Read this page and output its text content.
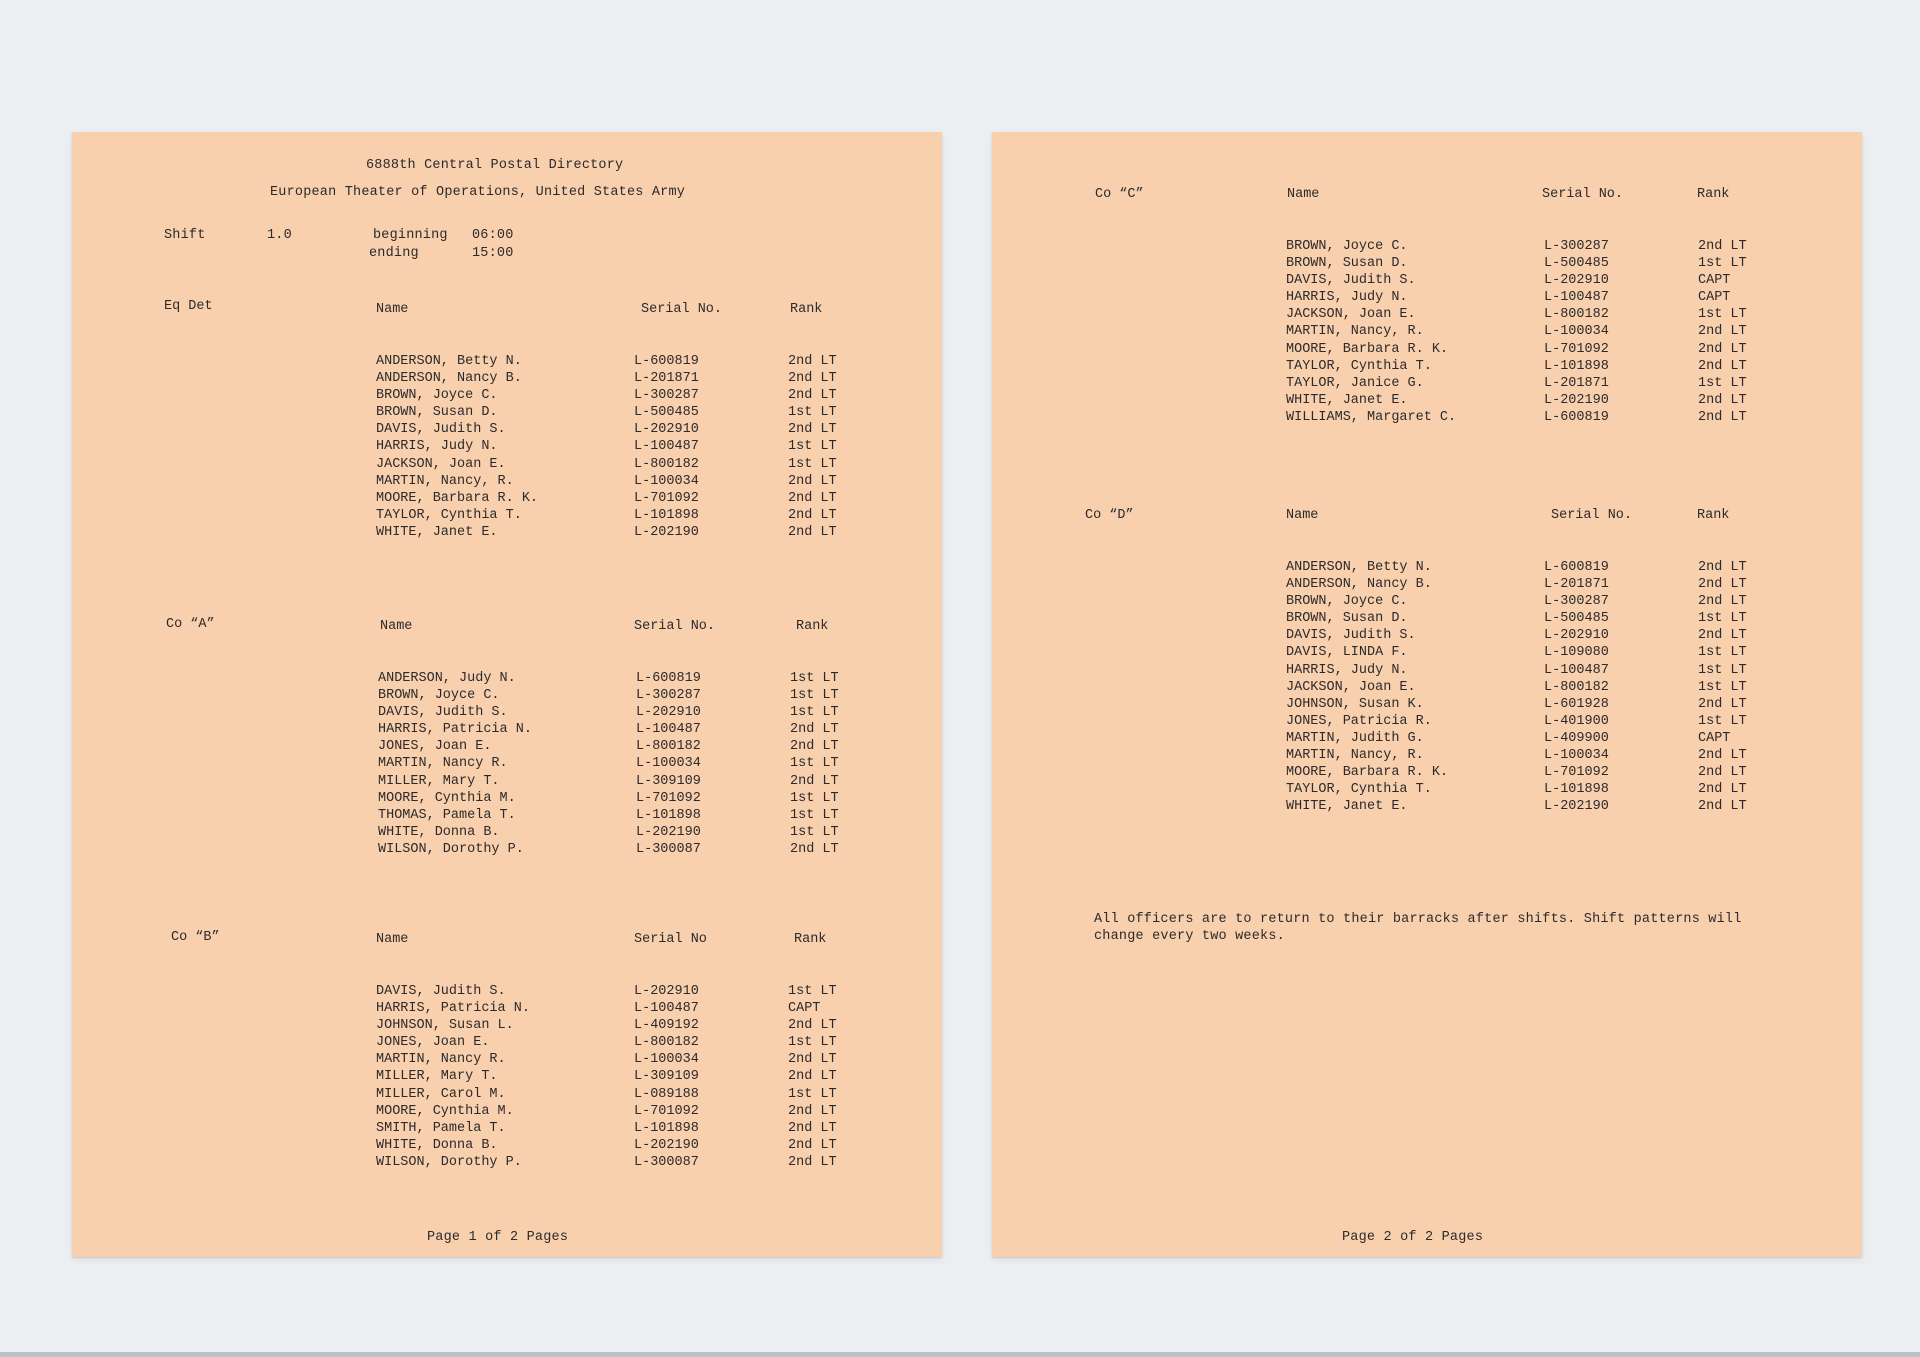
6888th Central Postal Directory
European Theater of Operations, United States Army
Shift	1.0	beginning 06:00
ending	15:00
Eq Det	Name	Serial No.	Rank
ANDERSON, Betty N.	L-600819	2nd LT
ANDERSON, Nancy B.	L-201871	2nd LT
BROWN, Joyce C.	L-300287	2nd LT
BROWN, Susan D.	L-500485	1st LT
DAVIS, Judith S.	L-202910	2nd LT
HARRIS, Judy N.	L-100487	1st LT
JACKSON, Joan E.	L-800182	1st LT
MARTIN, Nancy, R.	L-100034	2nd LT
MOORE, Barbara R. K.	L-701092	2nd LT
TAYLOR, Cynthia T.	L-101898	2nd LT
WHITE, Janet E.	L-202190	2nd LT
Co “A”	Name	Serial No.	Rank
ANDERSON, Judy N.	L-600819	1st LT
BROWN, Joyce C.	L-300287	1st LT
DAVIS, Judith S.	L-202910	1st LT
HARRIS, Patricia N.	L-100487	2nd LT
JONES, Joan E.	L-800182	2nd LT
MARTIN, Nancy R.	L-100034	1st LT
MILLER, Mary T.	L-309109	2nd LT
MOORE, Cynthia M.	L-701092	1st LT
THOMAS, Pamela T.	L-101898	1st LT
WHITE, Donna B.	L-202190	1st LT
WILSON, Dorothy P.	L-300087	2nd LT
Co “B”	Name	Serial No	Rank
DAVIS, Judith S.	L-202910	1st LT
HARRIS, Patricia N.	L-100487	CAPT
JOHNSON, Susan L.	L-409192	2nd LT
JONES, Joan E.	L-800182	1st LT
MARTIN, Nancy R.	L-100034	2nd LT
MILLER, Mary T.	L-309109	2nd LT
MILLER, Carol M.	L-089188	1st LT
MOORE, Cynthia M.	L-701092	2nd LT
SMITH, Pamela T.	L-101898	2nd LT
WHITE, Donna B.	L-202190	2nd LT
WILSON, Dorothy P.	L-300087	2nd LT
Page 1 of 2 Pages
Co “C”	Name	Serial No.	Rank
BROWN, Joyce C.	L-300287	2nd LT
BROWN, Susan D.	L-500485	1st LT
DAVIS, Judith S.	L-202910	CAPT
HARRIS, Judy N.	L-100487	CAPT
JACKSON, Joan E.	L-800182	1st LT
MARTIN, Nancy, R.	L-100034	2nd LT
MOORE, Barbara R. K.	L-701092	2nd LT
TAYLOR, Cynthia T.	L-101898	2nd LT
TAYLOR, Janice G.	L-201871	1st LT
WHITE, Janet E.	L-202190	2nd LT
WILLIAMS, Margaret C.	L-600819	2nd LT
Co “D”	Name	Serial No.	Rank
ANDERSON, Betty N.	L-600819	2nd LT
ANDERSON, Nancy B.	L-201871	2nd LT
BROWN, Joyce C.	L-300287	2nd LT
BROWN, Susan D.	L-500485	1st LT
DAVIS, Judith S.	L-202910	2nd LT
DAVIS, LINDA F.	L-109080	1st LT
HARRIS, Judy N.	L-100487	1st LT
JACKSON, Joan E.	L-800182	1st LT
JOHNSON, Susan K.	L-601928	2nd LT
JONES, Patricia R.	L-401900	1st LT
MARTIN, Judith G.	L-409900	CAPT
MARTIN, Nancy, R.	L-100034	2nd LT
MOORE, Barbara R. K.	L-701092	2nd LT
TAYLOR, Cynthia T.	L-101898	2nd LT
WHITE, Janet E.	L-202190	2nd LT
All officers are to return to their barracks after shifts. Shift patterns will
change every two weeks.
Page 2 of 2 Pages
